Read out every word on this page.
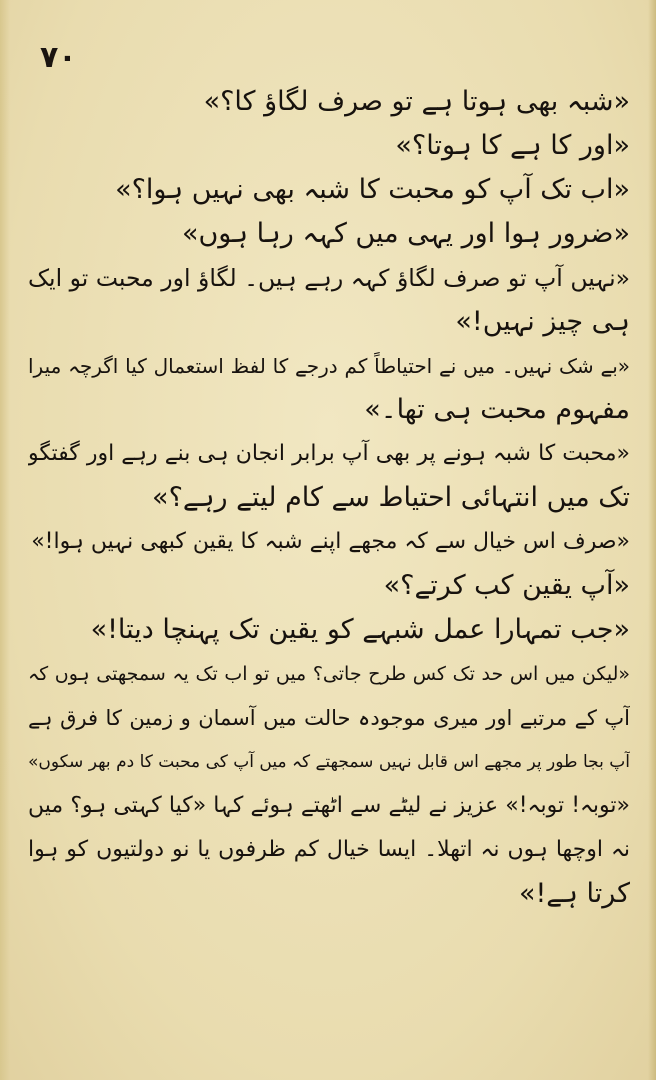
۷۰
«شبہ بھی ہوتا ہے تو صرف لگاؤ کا؟»
«اور کا ہے کا ہوتا؟»
«اب تک آپ کو محبت کا شبہ بھی نہیں ہوا؟»
«ضرور ہوا اور یہی میں کہہ رہا ہوں»
«نہیں آپ تو صرف لگاؤ کہہ رہے ہیں۔ لگاؤ اور محبت تو ایک
ہی چیز نہیں!»
«بے شک نہیں۔ میں نے احتیاطاً کم درجے کا لفظ استعمال کیا اگرچہ میرا
مفہوم محبت ہی تھا۔»
«محبت کا شبہ ہونے پر بھی آپ برابر انجان ہی بنے رہے اور گفتگو
تک میں انتہائی احتیاط سے کام لیتے رہے؟»
«صرف اس خیال سے کہ مجھے اپنے شبہ کا یقین کبھی نہیں ہوا!»
«آپ یقین کب کرتے؟»
«جب تمہارا عمل شبہے کو یقین تک پہنچا دیتا!»
«لیکن میں اس حد تک کس طرح جاتی؟ میں تو اب تک یہ سمجھتی ہوں کہ
آپ کے مرتبے اور میری موجودہ حالت میں آسمان و زمین کا فرق ہے
آپ بجا طور پر مجھے اس قابل نہیں سمجھتے کہ میں آپ کی محبت کا دم بھر سکوں»
«توبہ! توبہ!» عزیز نے لیٹے سے اٹھتے ہوئے کہا «کیا کہتی ہو؟ میں
نہ اوچھا ہوں نہ اتھلا۔ ایسا خیال کم ظرفوں یا نو دولتیوں کو ہوا
کرتا ہے!»
